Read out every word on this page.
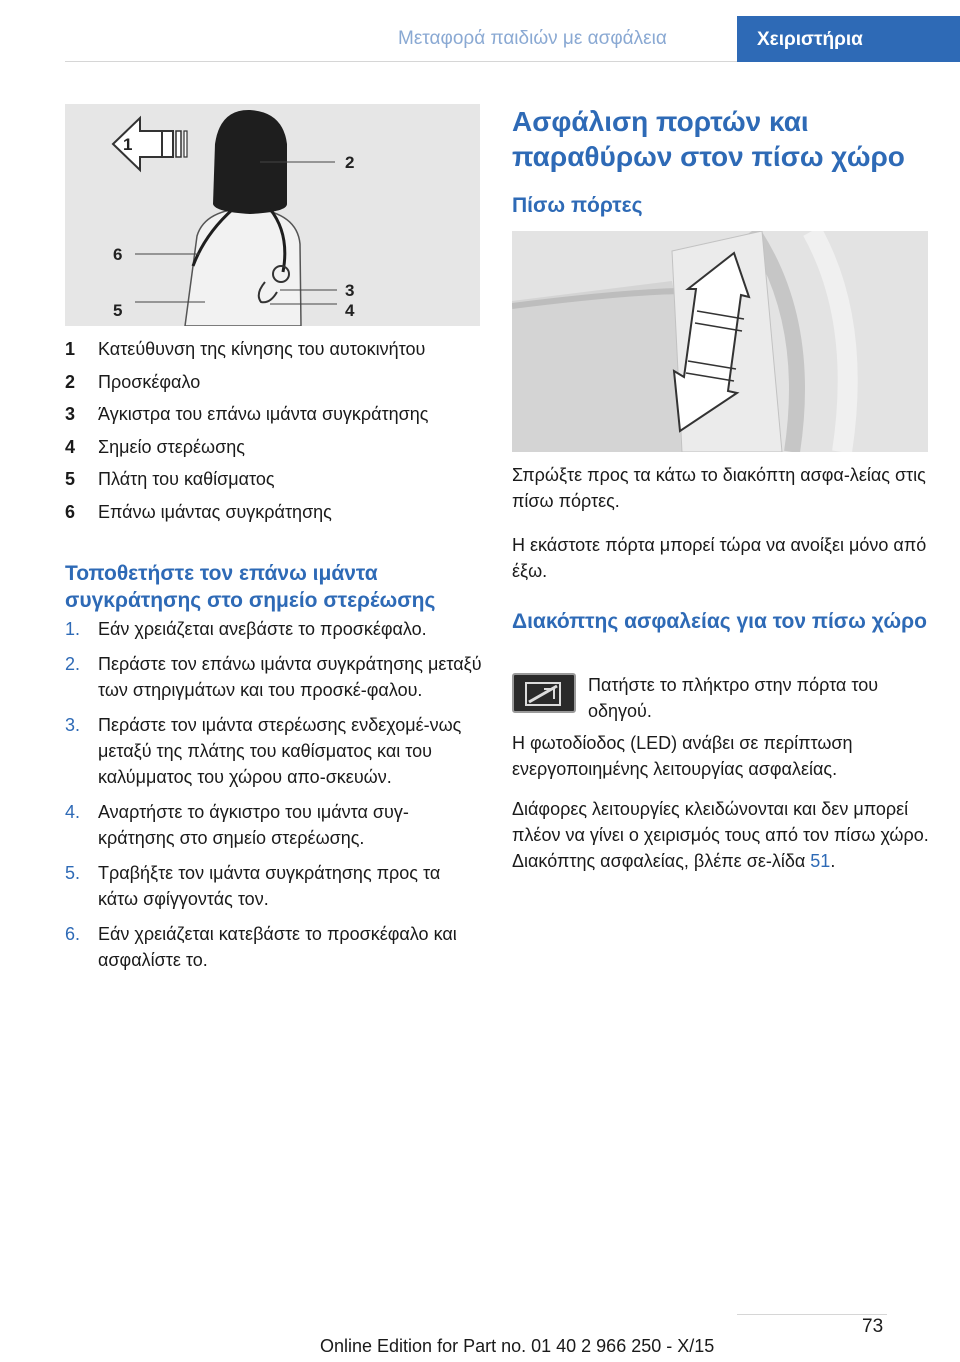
Μεταφορά παιδιών με ασφάλεια	Χειριστήρια
1
2
6
3
4
5
1	Κατεύθυνση της κίνησης του αυτοκινήτου
2	Προσκέφαλο
3	Άγκιστρα του επάνω ιμάντα συγκράτησης
4	Σημείο στερέωσης
5	Πλάτη του καθίσματος
6	Επάνω ιμάντας συγκράτησης
Τοποθετήστε τον επάνω ιμάντα συγκράτησης στο σημείο στερέωσης
1. Εάν χρειάζεται ανεβάστε το προσκέφαλο.
2. Περάστε τον επάνω ιμάντα συγκράτησης μεταξύ των στηριγμάτων και του προσκέ-φαλου.
3. Περάστε τον ιμάντα στερέωσης ενδεχομέ-νως μεταξύ της πλάτης του καθίσματος και του καλύμματος του χώρου απο-σκευών.
4. Αναρτήστε το άγκιστρο του ιμάντα συγ-κράτησης στο σημείο στερέωσης.
5. Τραβήξτε τον ιμάντα συγκράτησης προς τα κάτω σφίγγοντάς τον.
6. Εάν χρειάζεται κατεβάστε το προσκέφαλο και ασφαλίστε το.
Ασφάλιση πορτών και παραθύρων στον πίσω χώρο
Πίσω πόρτες
Σπρώξτε προς τα κάτω το διακόπτη ασφα-λείας στις πίσω πόρτες.
Η εκάστοτε πόρτα μπορεί τώρα να ανοίξει μόνο από έξω.
Διακόπτης ασφαλείας για τον πίσω χώρο
Πατήστε το πλήκτρο στην πόρτα του οδηγού.
Η φωτοδίοδος (LED) ανάβει σε περίπτωση ενεργοποιημένης λειτουργίας ασφαλείας.
Διάφορες λειτουργίες κλειδώνονται και δεν μπορεί πλέον να γίνει ο χειρισμός τους από τον πίσω χώρο. Διακόπτης ασφαλείας, βλέπε σε-λίδα 51.
73
Online Edition for Part no. 01 40 2 966 250 - X/15
